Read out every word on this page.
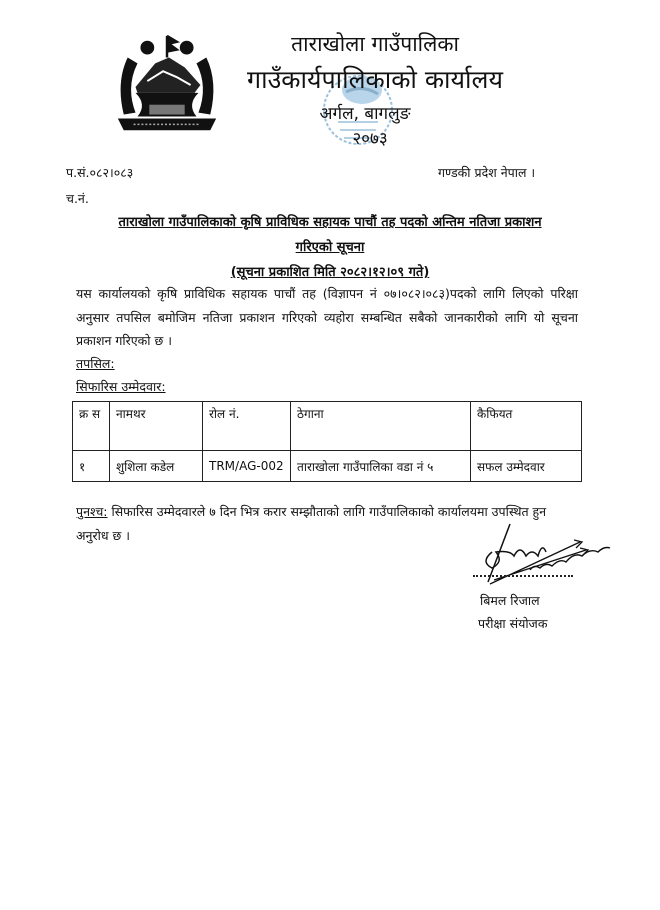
ताराखोला गाउँपालिका
गाउँकार्यपालिकाको कार्यालय
अर्गल, बागलुङ
२०७३
प.सं.०८२।०८३
च.नं.
गण्डकी प्रदेश नेपाल ।
ताराखोला गाउँपालिकाको कृषि प्राविधिक सहायक पाचौं तह पदको अन्तिम नतिजा प्रकाशन
गरिएको सूचना
(सूचना प्रकाशित मिति २०८२।१२।०९ गते)
यस कार्यालयको कृषि प्राविधिक सहायक पाचौं तह (विज्ञापन नं ०७।०८२।०८३)पदको लागि लिएको परिक्षा अनुसार तपसिल बमोजिम नतिजा प्रकाशन गरिएको व्यहोरा सम्बन्धित सबैको जानकारीको लागि यो सूचना प्रकाशन गरिएको छ ।
तपसिल:
सिफारिस उम्मेदवार:
क्र स	नामथर	रोल नं.	ठेगाना	कैफियत
१	शुशिला कडेल	TRM/AG-002	ताराखोला गाउँपालिका वडा नं ५	सफल उम्मेदवार
पुनश्च: सिफारिस उम्मेदवारले ७ दिन भित्र करार सम्झौताको लागि गाउँपालिकाको कार्यालयमा उपस्थित हुन अनुरोध छ ।
बिमल रिजाल
परीक्षा संयोजक
